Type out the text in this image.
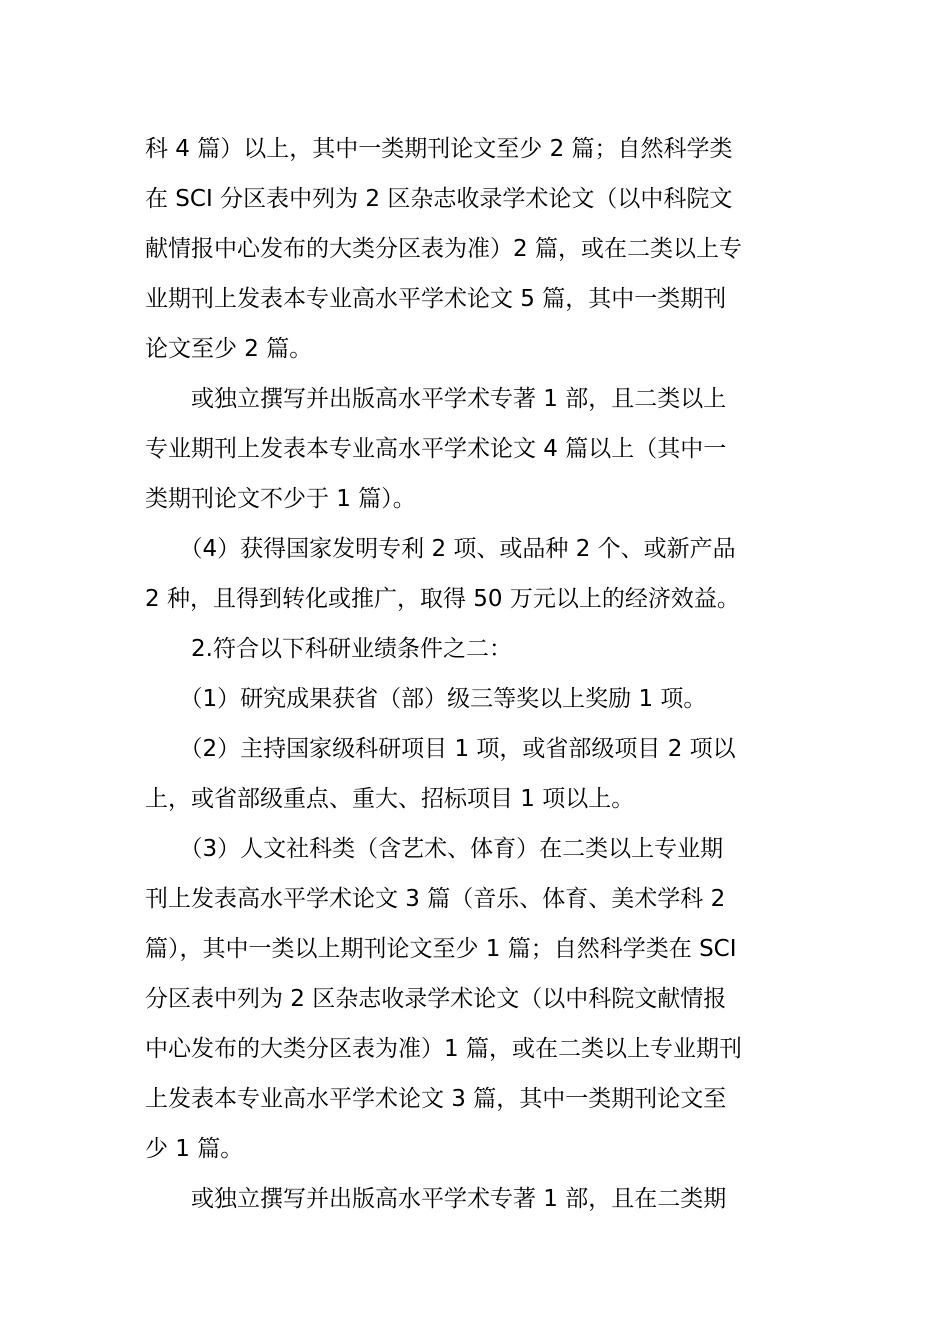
科 4 篇）以上，其中一类期刊论文至少 2 篇；自然科学类
在 SCI 分区表中列为 2 区杂志收录学术论文（以中科院文
献情报中心发布的大类分区表为准）2 篇，或在二类以上专
业期刊上发表本专业高水平学术论文 5 篇，其中一类期刊
论文至少 2 篇。
　　或独立撰写并出版高水平学术专著 1 部，且二类以上
专业期刊上发表本专业高水平学术论文 4 篇以上（其中一
类期刊论文不少于 1 篇）。
　　（4）获得国家发明专利 2 项、或品种 2 个、或新产品
2 种，且得到转化或推广，取得 50 万元以上的经济效益。
　　2.符合以下科研业绩条件之二：
　　（1）研究成果获省（部）级三等奖以上奖励 1 项。
　　（2）主持国家级科研项目 1 项，或省部级项目 2 项以
上，或省部级重点、重大、招标项目 1 项以上。
　　（3）人文社科类（含艺术、体育）在二类以上专业期
刊上发表高水平学术论文 3 篇（音乐、体育、美术学科 2
篇），其中一类以上期刊论文至少 1 篇；自然科学类在 SCI
分区表中列为 2 区杂志收录学术论文（以中科院文献情报
中心发布的大类分区表为准）1 篇，或在二类以上专业期刊
上发表本专业高水平学术论文 3 篇，其中一类期刊论文至
少 1 篇。
　　或独立撰写并出版高水平学术专著 1 部，且在二类期
